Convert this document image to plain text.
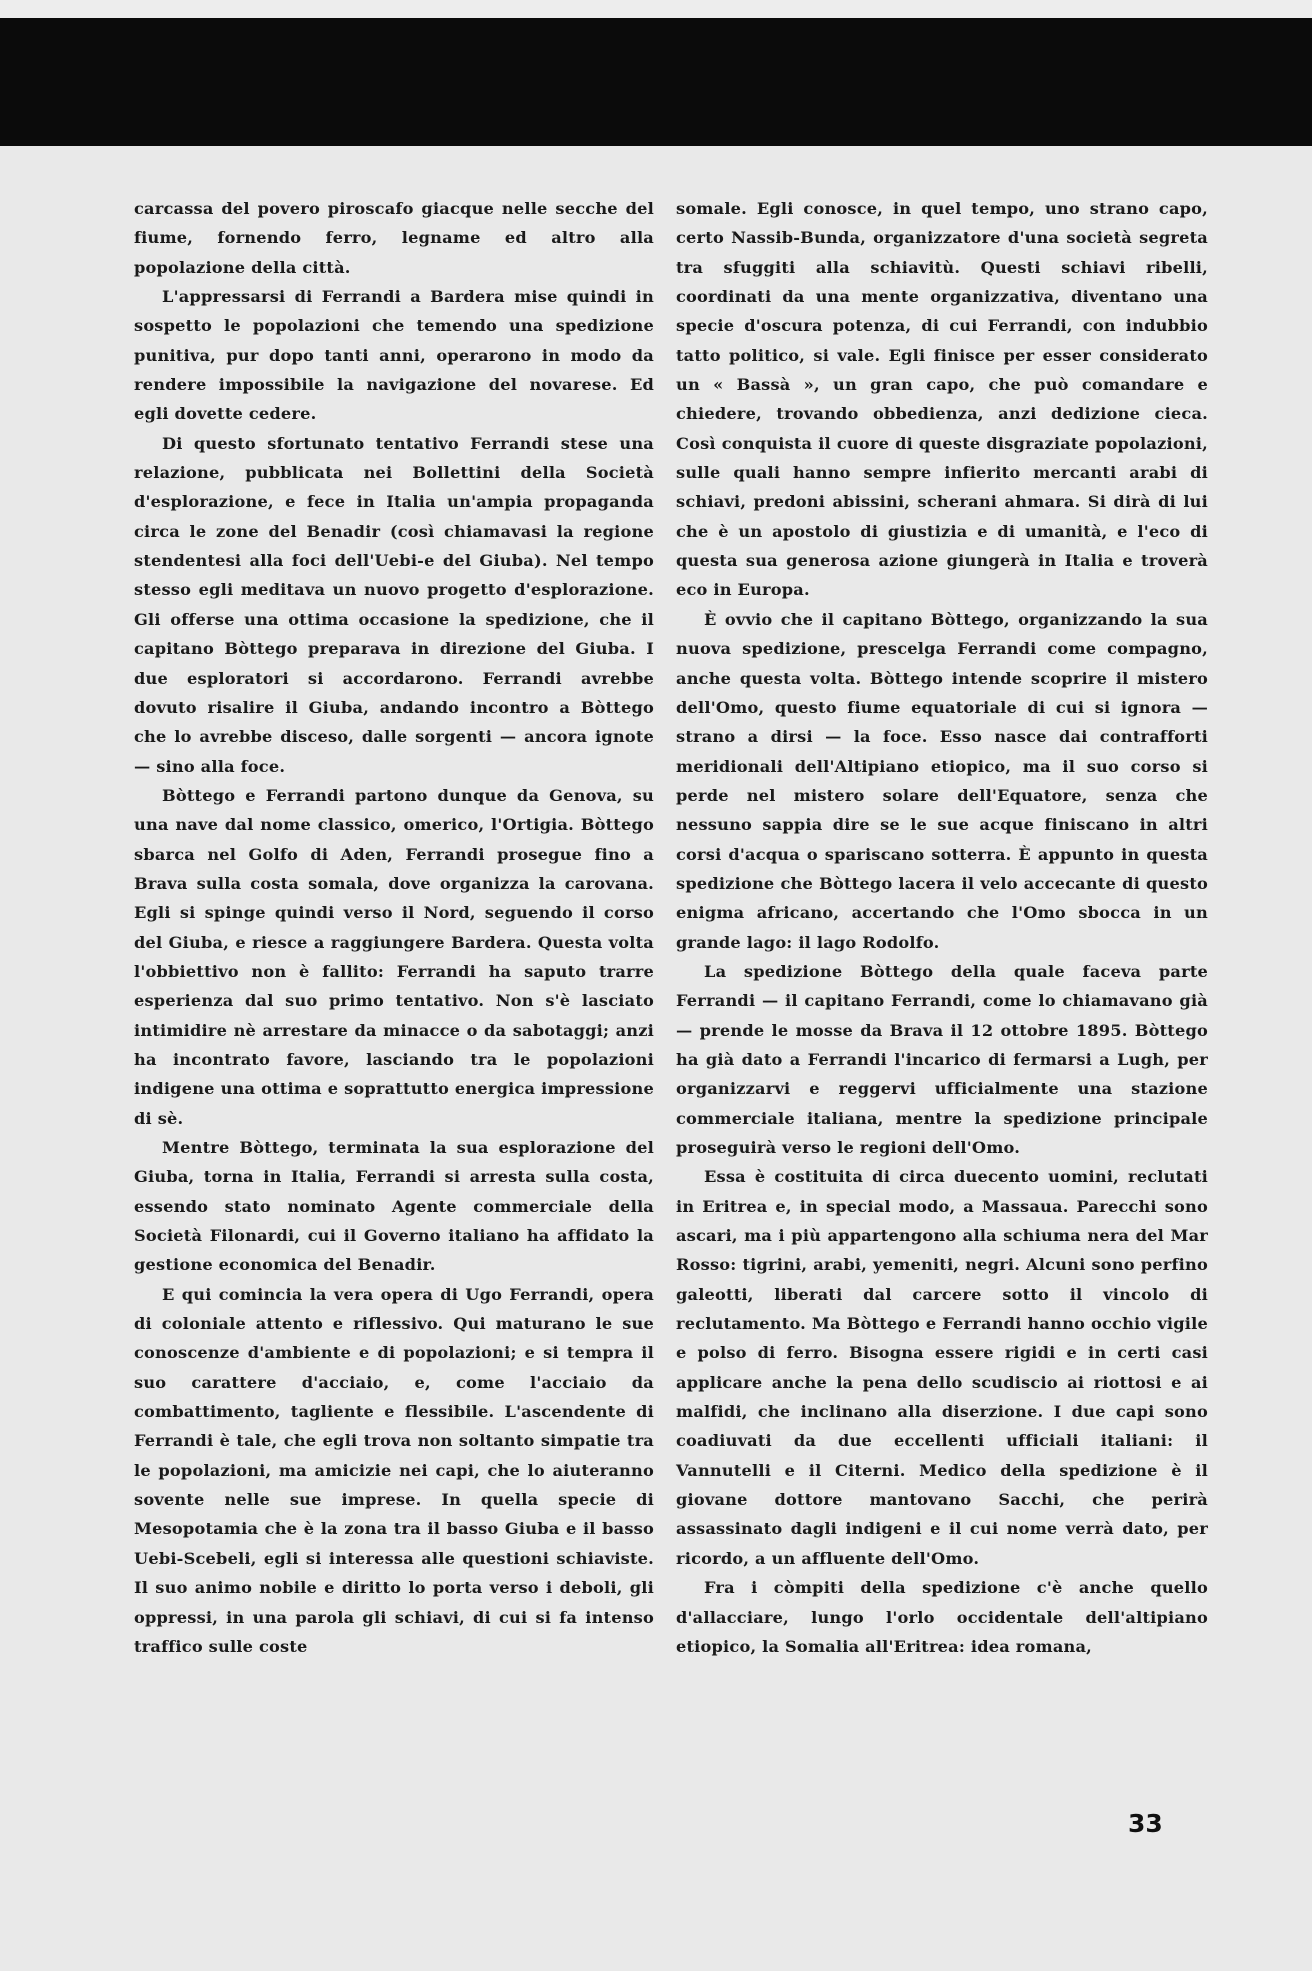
carcassa del povero piroscafo giacque nelle secche del fiume, fornendo ferro, legname ed altro alla popolazione della città.

L'appressarsi di Ferrandi a Bardera mise quindi in sospetto le popolazioni che temendo una spedizione punitiva, pur dopo tanti anni, operarono in modo da rendere impossibile la navigazione del novarese. Ed egli dovette cedere.

Di questo sfortunato tentativo Ferrandi stese una relazione, pubblicata nei Bollettini della Società d'esplorazione, e fece in Italia un'ampia propaganda circa le zone del Benadir (così chiamavasi la regione stendentesi alla foci dell'Uebi-e del Giuba). Nel tempo stesso egli meditava un nuovo progetto d'esplorazione. Gli offerse una ottima occasione la spedizione, che il capitano Bòttego preparava in direzione del Giuba. I due esploratori si accordarono. Ferrandi avrebbe dovuto risalire il Giuba, andando incontro a Bòttego che lo avrebbe disceso, dalle sorgenti — ancora ignote — sino alla foce.

Bòttego e Ferrandi partono dunque da Genova, su una nave dal nome classico, omerico, l'Ortigia. Bòttego sbarca nel Golfo di Aden, Ferrandi prosegue fino a Brava sulla costa somala, dove organizza la carovana. Egli si spinge quindi verso il Nord, seguendo il corso del Giuba, e riesce a raggiungere Bardera. Questa volta l'obbiettivo non è fallito: Ferrandi ha saputo trarre esperienza dal suo primo tentativo. Non s'è lasciato intimidire nè arrestare da minacce o da sabotaggi; anzi ha incontrato favore, lasciando tra le popolazioni indigene una ottima e soprattutto energica impressione di sè.

Mentre Bòttego, terminata la sua esplorazione del Giuba, torna in Italia, Ferrandi si arresta sulla costa, essendo stato nominato Agente commerciale della Società Filonardi, cui il Governo italiano ha affidato la gestione economica del Benadir.

E qui comincia la vera opera di Ugo Ferrandi, opera di coloniale attento e riflessivo. Qui maturano le sue conoscenze d'ambiente e di popolazioni; e si tempra il suo carattere d'acciaio, e, come l'acciaio da combattimento, tagliente e flessibile. L'ascendente di Ferrandi è tale, che egli trova non soltanto simpatie tra le popolazioni, ma amicizie nei capi, che lo aiuteranno sovente nelle sue imprese. In quella specie di Mesopotamia che è la zona tra il basso Giuba e il basso Uebi-Scebeli, egli si interessa alle questioni schiaviste. Il suo animo nobile e diritto lo porta verso i deboli, gli oppressi, in una parola gli schiavi, di cui si fa intenso traffico sulle coste

somale. Egli conosce, in quel tempo, uno strano capo, certo Nassib-Bunda, organizzatore d'una società segreta tra sfuggiti alla schiavitù. Questi schiavi ribelli, coordinati da una mente organizzativa, diventano una specie d'oscura potenza, di cui Ferrandi, con indubbio tatto politico, si vale. Egli finisce per esser considerato un « Bassà », un gran capo, che può comandare e chiedere, trovando obbedienza, anzi dedizione cieca. Così conquista il cuore di queste disgraziate popolazioni, sulle quali hanno sempre infierito mercanti arabi di schiavi, predoni abissini, scherani ahmara. Si dirà di lui che è un apostolo di giustizia e di umanità, e l'eco di questa sua generosa azione giungerà in Italia e troverà eco in Europa.

È ovvio che il capitano Bòttego, organizzando la sua nuova spedizione, prescelga Ferrandi come compagno, anche questa volta. Bòttego intende scoprire il mistero dell'Omo, questo fiume equatoriale di cui si ignora — strano a dirsi — la foce. Esso nasce dai contrafforti meridionali dell'Altipiano etiopico, ma il suo corso si perde nel mistero solare dell'Equatore, senza che nessuno sappia dire se le sue acque finiscano in altri corsi d'acqua o spariscano sotterra. È appunto in questa spedizione che Bòttego lacera il velo accecante di questo enigma africano, accertando che l'Omo sbocca in un grande lago: il lago Rodolfo.

La spedizione Bòttego della quale faceva parte Ferrandi — il capitano Ferrandi, come lo chiamavano già — prende le mosse da Brava il 12 ottobre 1895. Bòttego ha già dato a Ferrandi l'incarico di fermarsi a Lugh, per organizzarvi e reggervi ufficialmente una stazione commerciale italiana, mentre la spedizione principale proseguirà verso le regioni dell'Omo.

Essa è costituita di circa duecento uomini, reclutati in Eritrea e, in special modo, a Massaua. Parecchi sono ascari, ma i più appartengono alla schiuma nera del Mar Rosso: tigrini, arabi, yemeniti, negri. Alcuni sono perfino galeotti, liberati dal carcere sotto il vincolo di reclutamento. Ma Bòttego e Ferrandi hanno occhio vigile e polso di ferro. Bisogna essere rigidi e in certi casi applicare anche la pena dello scudiscio ai riottosi e ai malfidi, che inclinano alla diserzione. I due capi sono coadiuvati da due eccellenti ufficiali italiani: il Vannutelli e il Citerni. Medico della spedizione è il giovane dottore mantovano Sacchi, che perirà assassinato dagli indigeni e il cui nome verrà dato, per ricordo, a un affluente dell'Omo.

Fra i còmpiti della spedizione c'è anche quello d'allacciare, lungo l'orlo occidentale dell'altipiano etiopico, la Somalia all'Eritrea: idea romana,

33
